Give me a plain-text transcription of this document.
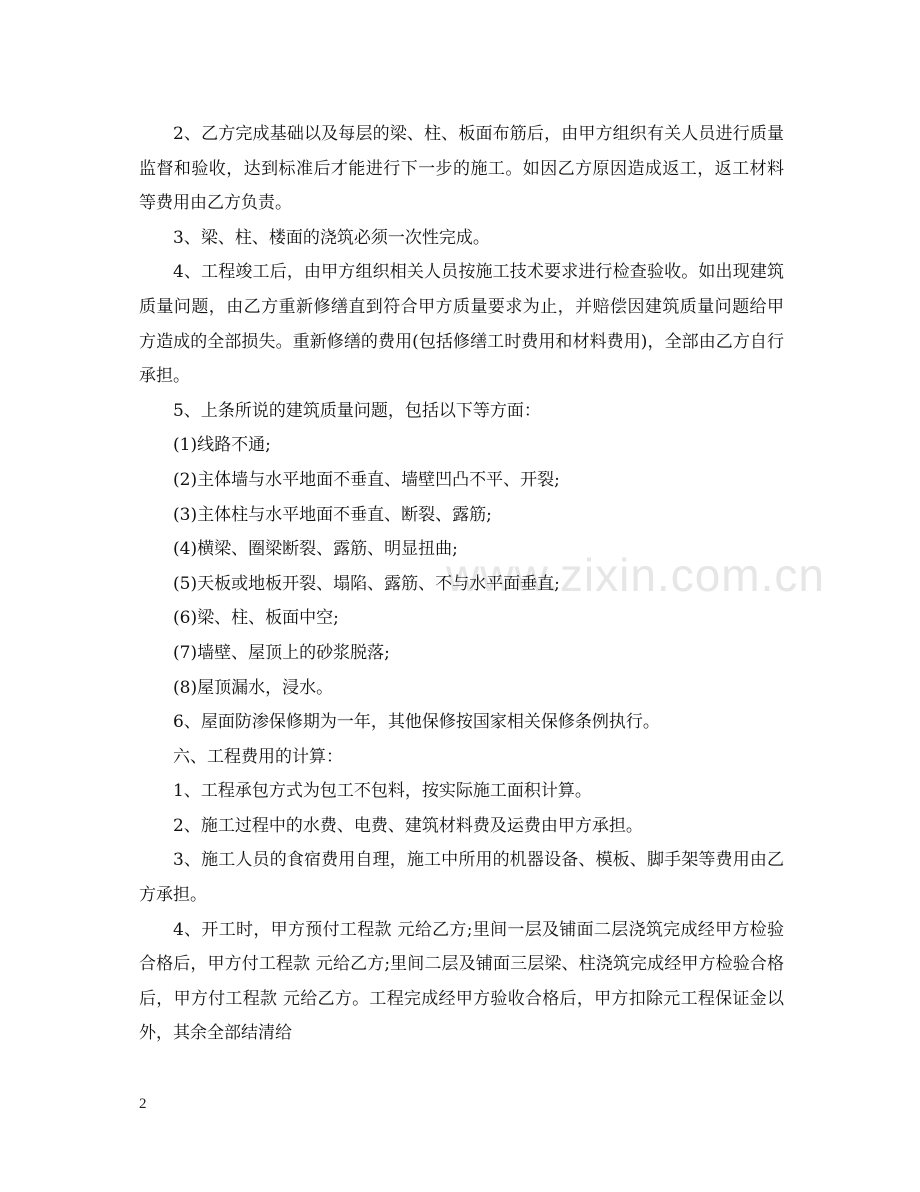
www.zixin.com.cn

2、乙方完成基础以及每层的梁、柱、板面布筋后，由甲方组织有关人员进行质量监督和验收，达到标准后才能进行下一步的施工。如因乙方原因造成返工，返工材料等费用由乙方负责。

3、梁、柱、楼面的浇筑必须一次性完成。

4、工程竣工后，由甲方组织相关人员按施工技术要求进行检查验收。如出现建筑质量问题，由乙方重新修缮直到符合甲方质量要求为止，并赔偿因建筑质量问题给甲方造成的全部损失。重新修缮的费用(包括修缮工时费用和材料费用)，全部由乙方自行承担。

5、上条所说的建筑质量问题，包括以下等方面：

(1)线路不通;

(2)主体墙与水平地面不垂直、墙壁凹凸不平、开裂;

(3)主体柱与水平地面不垂直、断裂、露筋;

(4)横梁、圈梁断裂、露筋、明显扭曲;

(5)天板或地板开裂、塌陷、露筋、不与水平面垂直;

(6)梁、柱、板面中空;

(7)墙壁、屋顶上的砂浆脱落;

(8)屋顶漏水，浸水。

6、屋面防渗保修期为一年，其他保修按国家相关保修条例执行。

六、工程费用的计算：

1、工程承包方式为包工不包料，按实际施工面积计算。

2、施工过程中的水费、电费、建筑材料费及运费由甲方承担。

3、施工人员的食宿费用自理，施工中所用的机器设备、模板、脚手架等费用由乙方承担。

4、开工时，甲方预付工程款 元给乙方;里间一层及铺面二层浇筑完成经甲方检验合格后，甲方付工程款 元给乙方;里间二层及铺面三层梁、柱浇筑完成经甲方检验合格后，甲方付工程款 元给乙方。工程完成经甲方验收合格后，甲方扣除元工程保证金以外，其余全部结清给

2
